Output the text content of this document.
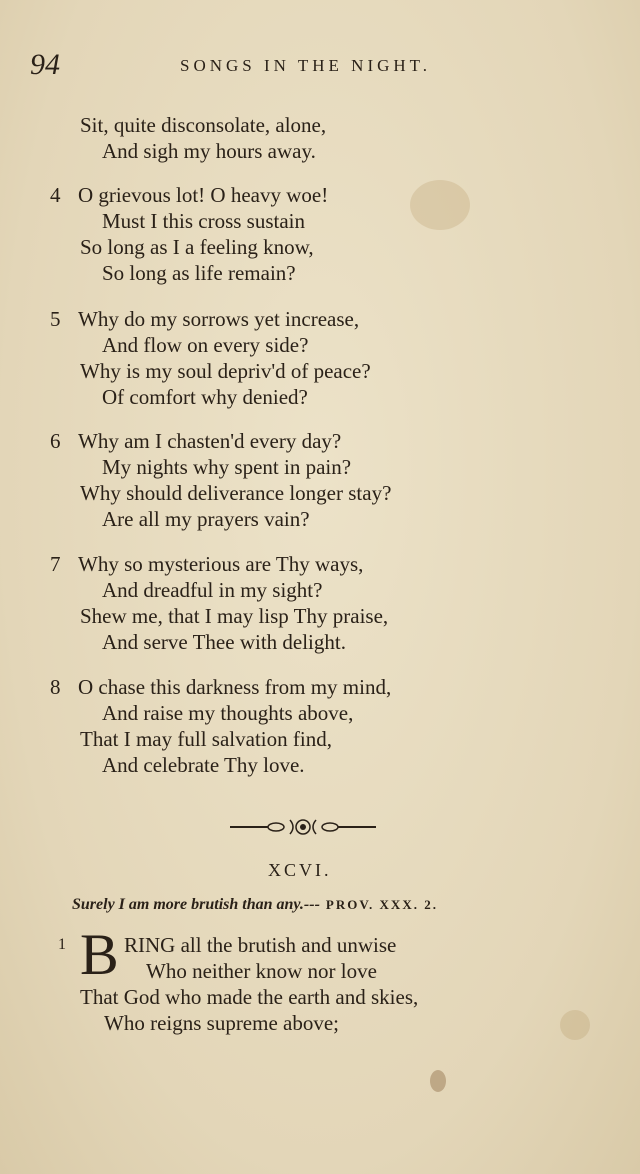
94	SONGS IN THE NIGHT.
Sit, quite disconsolate, alone,
And sigh my hours away.
4 O grievous lot! O heavy woe!
Must I this cross sustain
So long as I a feeling know,
So long as life remain?
5 Why do my sorrows yet increase,
And flow on every side?
Why is my soul depriv'd of peace?
Of comfort why denied?
6 Why am I chasten'd every day?
My nights why spent in pain?
Why should deliverance longer stay?
Are all my prayers vain?
7 Why so mysterious are Thy ways,
And dreadful in my sight?
Shew me, that I may lisp Thy praise,
And serve Thee with delight.
8 O chase this darkness from my mind,
And raise my thoughts above,
That I may full salvation find,
And celebrate Thy love.
XCVI.
Surely I am more brutish than any.--- PROV. XXX. 2.
1 B RING all the brutish and unwise
Who neither know nor love
That God who made the earth and skies,
Who reigns supreme above;
